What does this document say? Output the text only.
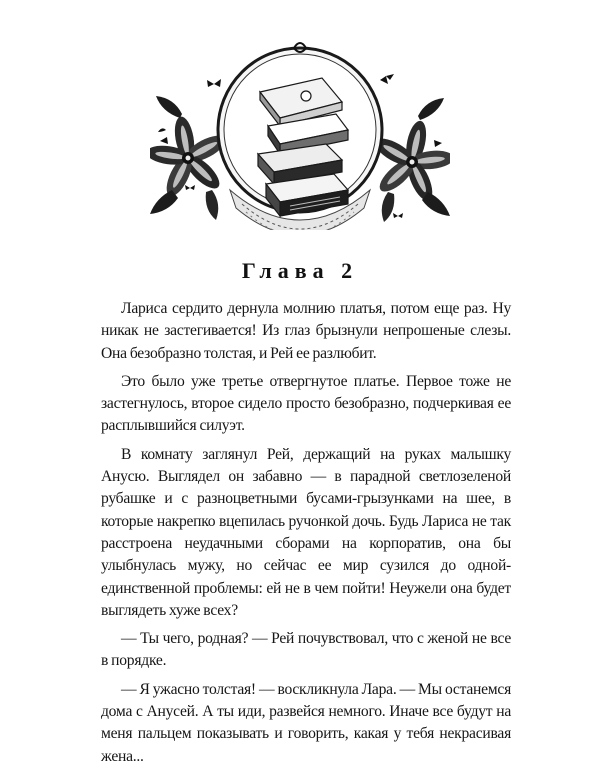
Глава 2

Лариса сердито дернула молнию платья, потом еще раз. Ну никак не застегивается! Из глаз брызнули непрошеные слезы. Она безобразно толстая, и Рей ее разлюбит.

Это было уже третье отвергнутое платье. Первое тоже не застегнулось, второе сидело просто безобразно, подчеркивая ее расплывшийся силуэт.

В комнату заглянул Рей, держащий на руках малышку Анусю. Выглядел он забавно — в парадной светлозеленой рубашке и с разноцветными бусами-грызунками на шее, в которые накрепко вцепилась ручонкой дочь. Будь Лариса не так расстроена неудачными сборами на корпоратив, она бы улыбнулась мужу, но сейчас ее мир сузился до одной-единственной проблемы: ей не в чем пойти! Неужели она будет выглядеть хуже всех?

— Ты чего, родная? — Рей почувствовал, что с женой не все в порядке.

— Я ужасно толстая! — воскликнула Лара. — Мы останемся дома с Анусей. А ты иди, развейся немного. Иначе все будут на меня пальцем показывать и говорить, какая у тебя некрасивая жена...
